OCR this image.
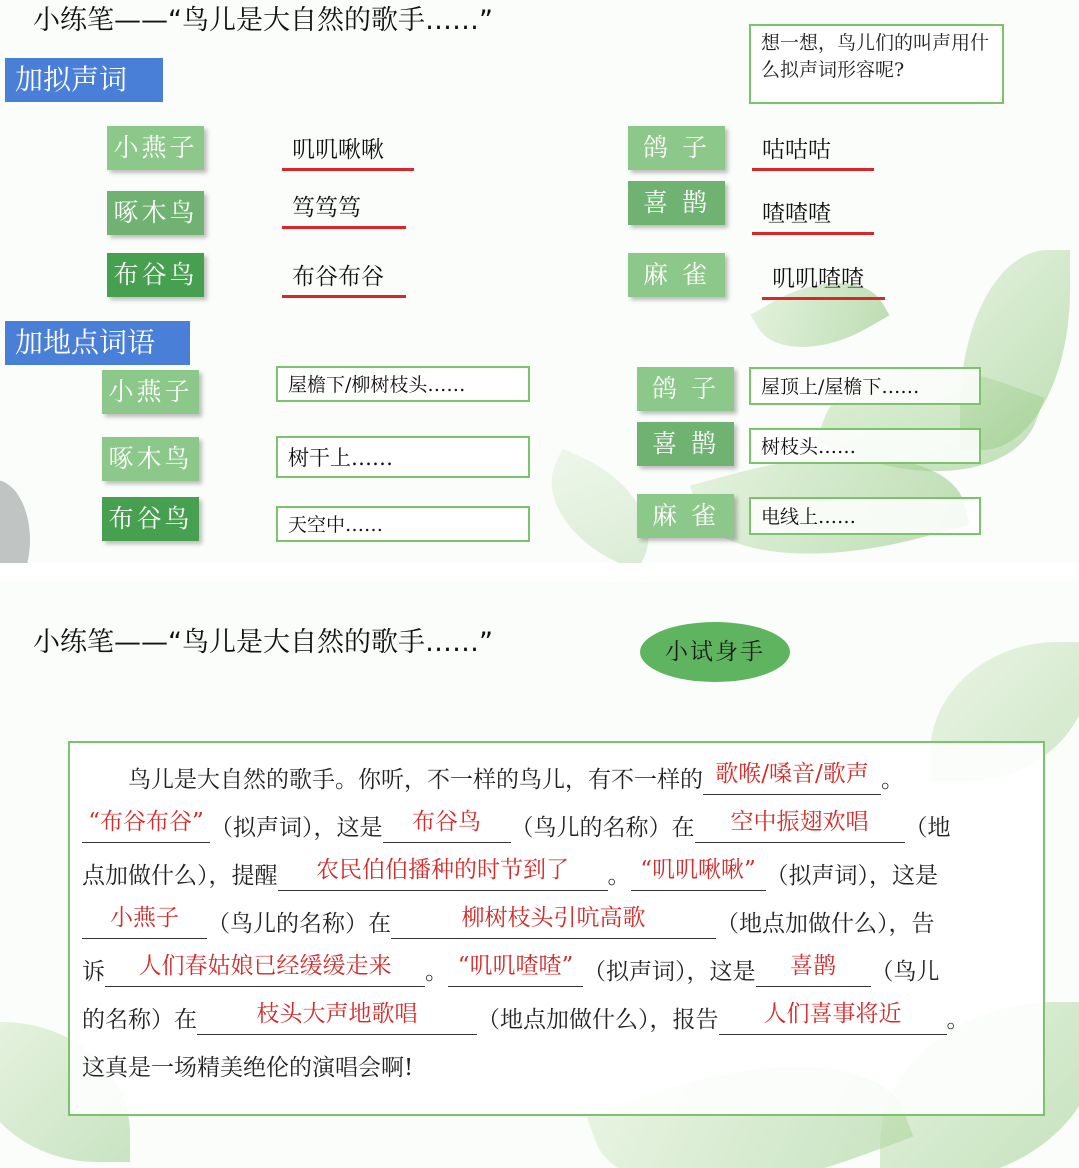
小练笔——“鸟儿是大自然的歌手……”
想一想，鸟儿们的叫声用什么拟声词形容呢?
加拟声词
小燕子	叽叽啾啾
啄木鸟	笃笃笃
布谷鸟	布谷布谷
鸽 子	咕咕咕
喜 鹊	喳喳喳
麻 雀	叽叽喳喳
加地点词语
小燕子	屋檐下/柳树枝头……
啄木鸟	树干上……
布谷鸟	天空中……
鸽 子	屋顶上/屋檐下……
喜 鹊	树枝头……
麻 雀	电线上……
小练笔——“鸟儿是大自然的歌手……”	小试身手
鸟儿是大自然的歌手。你听，不一样的鸟儿，有不一样的 歌喉/嗓音/歌声 。
“布谷布谷” （拟声词），这是 布谷鸟 （鸟儿的名称）在 空中振翅欢唱 （地
点加做什么），提醒 农民伯伯播种的时节到了 。 “叽叽啾啾” （拟声词），这是
小燕子 （鸟儿的名称）在	柳树枝头引吭高歌	（地点加做什么），告
诉 人们春姑娘已经缓缓走来 。 “叽叽喳喳” （拟声词），这是 喜鹊 （鸟儿
的名称）在	枝头大声地歌唱	（地点加做什么），报告 人们喜事将近 。
这真是一场精美绝伦的演唱会啊!
